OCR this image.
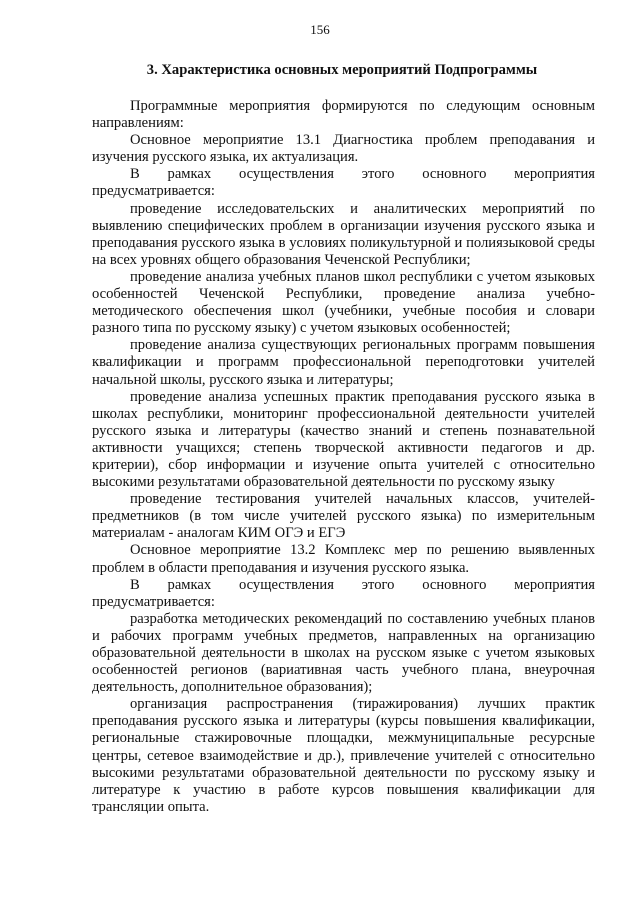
156
3. Характеристика основных мероприятий Подпрограммы

Программные мероприятия формируются по следующим основным направлениям:

Основное мероприятие 13.1 Диагностика проблем преподавания и изучения русского языка, их актуализация.

В рамках осуществления этого основного мероприятия предусматривается:

проведение исследовательских и аналитических мероприятий по выявлению специфических проблем в организации изучения русского языка и преподавания русского языка в условиях поликультурной и полиязыковой среды на всех уровнях общего образования Чеченской Республики;

проведение анализа учебных планов школ республики с учетом языковых особенностей Чеченской Республики, проведение анализа учебно-методического обеспечения школ (учебники, учебные пособия и словари разного типа по русскому языку) с учетом языковых особенностей;

проведение анализа существующих региональных программ повышения квалификации и программ профессиональной переподготовки учителей начальной школы, русского языка и литературы;

проведение анализа успешных практик преподавания русского языка в школах республики, мониторинг профессиональной деятельности учителей русского языка и литературы (качество знаний и степень познавательной активности учащихся; степень творческой активности педагогов и др. критерии), сбор информации и изучение опыта учителей с относительно высокими результатами образовательной деятельности по русскому языку

проведение тестирования учителей начальных классов, учителей-предметников (в том числе учителей русского языка) по измерительным материалам - аналогам КИМ ОГЭ и ЕГЭ

Основное мероприятие 13.2 Комплекс мер по решению выявленных проблем в области преподавания и изучения русского языка.

В рамках осуществления этого основного мероприятия предусматривается:

разработка методических рекомендаций по составлению учебных планов и рабочих программ учебных предметов, направленных на организацию образовательной деятельности в школах на русском языке с учетом языковых особенностей регионов (вариативная часть учебного плана, внеурочная деятельность, дополнительное образования);

организация распространения (тиражирования) лучших практик преподавания русского языка и литературы (курсы повышения квалификации, региональные стажировочные площадки, межмуниципальные ресурсные центры, сетевое взаимодействие и др.), привлечение учителей с относительно высокими результатами образовательной деятельности по русскому языку и литературе к участию в работе курсов повышения квалификации для трансляции опыта.
